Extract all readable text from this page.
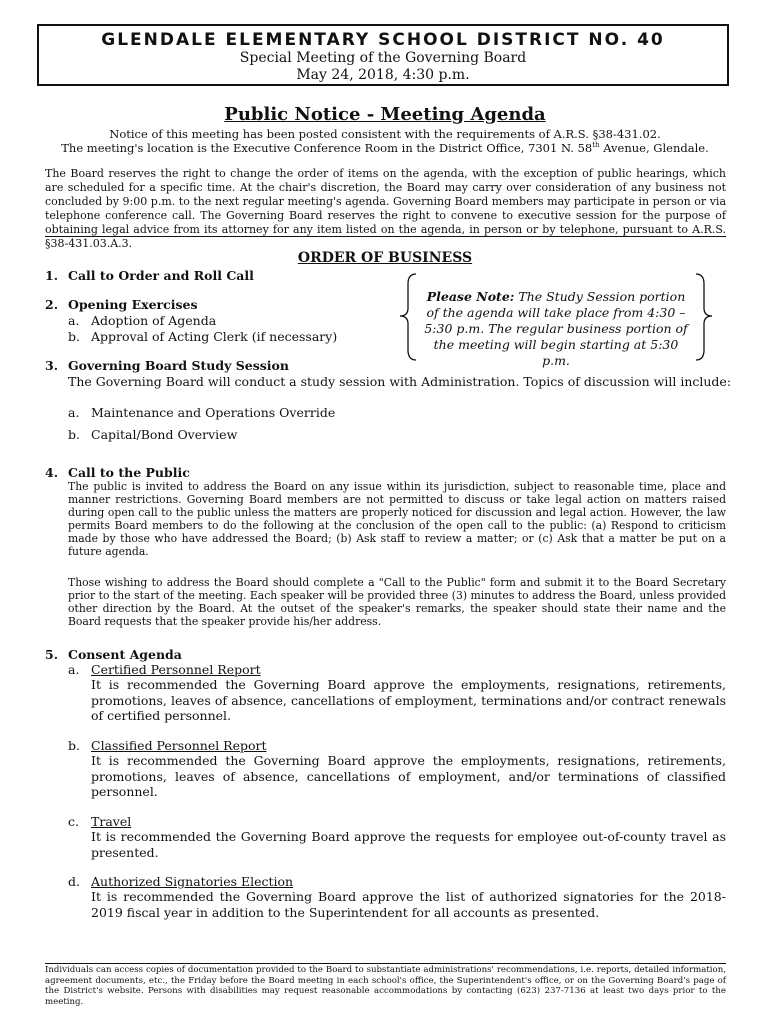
GLENDALE ELEMENTARY SCHOOL DISTRICT NO. 40
Special Meeting of the Governing Board
May 24, 2018, 4:30 p.m.
Public Notice - Meeting Agenda
Notice of this meeting has been posted consistent with the requirements of A.R.S. §38-431.02.
The meeting's location is the Executive Conference Room in the District Office, 7301 N. 58th Avenue, Glendale.
The Board reserves the right to change the order of items on the agenda, with the exception of public hearings, which are scheduled for a specific time. At the chair's discretion, the Board may carry over consideration of any business not concluded by 9:00 p.m. to the next regular meeting's agenda. Governing Board members may participate in person or via telephone conference call. The Governing Board reserves the right to convene to executive session for the purpose of obtaining legal advice from its attorney for any item listed on the agenda, in person or by telephone, pursuant to A.R.S. §38-431.03.A.3.
ORDER OF BUSINESS
1. Call to Order and Roll Call
2. Opening Exercises
a. Adoption of Agenda
b. Approval of Acting Clerk (if necessary)
Please Note: The Study Session portion of the agenda will take place from 4:30 – 5:30 p.m. The regular business portion of the meeting will begin starting at 5:30 p.m.
3. Governing Board Study Session
The Governing Board will conduct a study session with Administration. Topics of discussion will include:
a. Maintenance and Operations Override
b. Capital/Bond Overview
4. Call to the Public
The public is invited to address the Board on any issue within its jurisdiction, subject to reasonable time, place and manner restrictions. Governing Board members are not permitted to discuss or take legal action on matters raised during open call to the public unless the matters are properly noticed for discussion and legal action. However, the law permits Board members to do the following at the conclusion of the open call to the public: (a) Respond to criticism made by those who have addressed the Board; (b) Ask staff to review a matter; or (c) Ask that a matter be put on a future agenda.
Those wishing to address the Board should complete a "Call to the Public" form and submit it to the Board Secretary prior to the start of the meeting. Each speaker will be provided three (3) minutes to address the Board, unless provided other direction by the Board. At the outset of the speaker's remarks, the speaker should state their name and the Board requests that the speaker provide his/her address.
5. Consent Agenda
a. Certified Personnel Report
It is recommended the Governing Board approve the employments, resignations, retirements, promotions, leaves of absence, cancellations of employment, terminations and/or contract renewals of certified personnel.
b. Classified Personnel Report
It is recommended the Governing Board approve the employments, resignations, retirements, promotions, leaves of absence, cancellations of employment, and/or terminations of classified personnel.
c. Travel
It is recommended the Governing Board approve the requests for employee out-of-county travel as presented.
d. Authorized Signatories Election
It is recommended the Governing Board approve the list of authorized signatories for the 2018-2019 fiscal year in addition to the Superintendent for all accounts as presented.
Individuals can access copies of documentation provided to the Board to substantiate administrations' recommendations, i.e. reports, detailed information, agreement documents, etc., the Friday before the Board meeting in each school's office, the Superintendent's office, or on the Governing Board's page of the District's website. Persons with disabilities may request reasonable accommodations by contacting (623) 237-7136 at least two days prior to the meeting.
